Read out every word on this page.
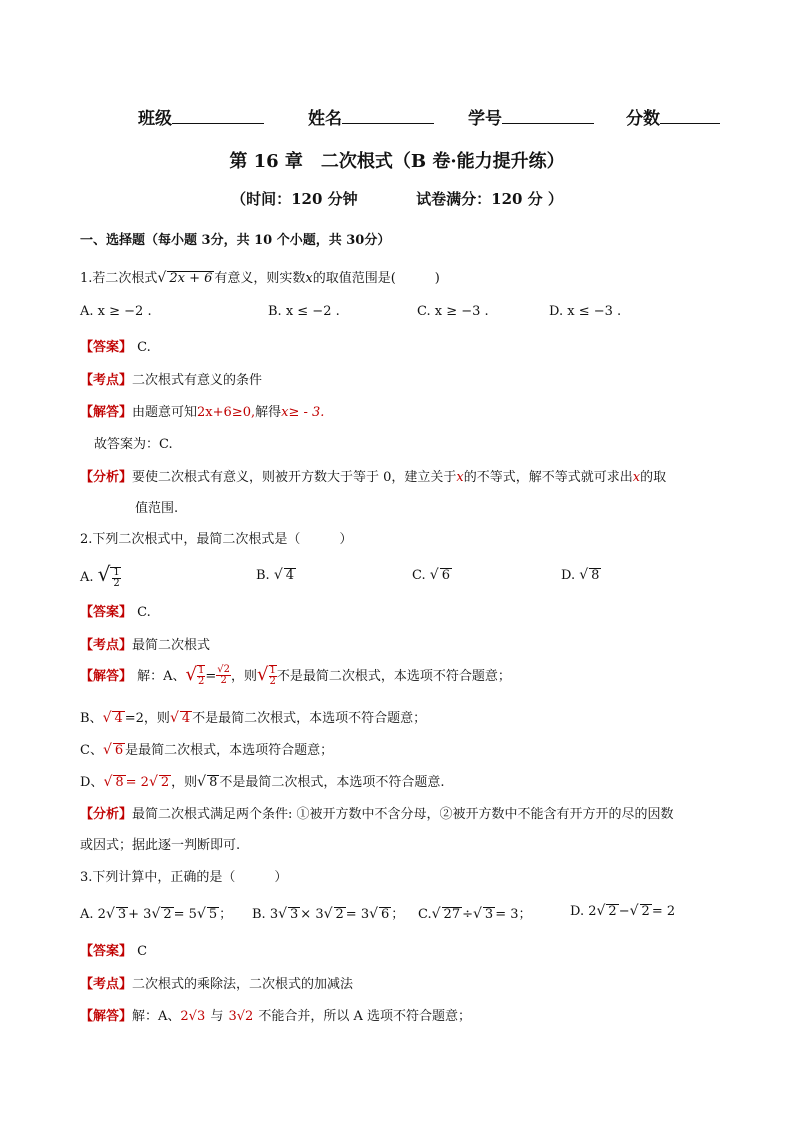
班级	姓名	学号	分数
第 16 章　二次根式（B 卷·能力提升练）
（时间：120 分钟	试卷满分：120 分 ）
一、选择题（每小题 3分，共 10 个小题，共 30分）
1.若二次根式√ 2x + 6 有意义，则实数x的取值范围是(　　　)
A. x ≥ −2 .	B. x ≤ −2 .	C. x ≥ −3 .	D. x ≤ −3 .
【答案】 C.
【考点】二次根式有意义的条件
【解答】由题意可知2x+6≥0,解得x≥ - 3.
故答案为：C.
【分析】要使二次根式有意义，则被开方数大于等于 0，建立关于x的不等式，解不等式就可求出x的取
值范围.
2.下列二次根式中，最简二次根式是（　　　）
A. √ $\frac{1}{2}$	B. √ 4	C. √ 6	D. √ 8
【答案】 C.
【考点】最简二次根式
【解答】 解：A、√ $\frac{1}{2} = \frac{√2}{2}$ ，则√ $\frac{1}{2}$ 不是最简二次根式，本选项不符合题意；
B、√ 4 =2，则√ 4 不是最简二次根式，本选项不符合题意；
C、√ 6 是最简二次根式，本选项符合题意；
D、√ 8 = 2√ 2 ，则√ 8 不是最简二次根式，本选项不符合题意.
【分析】最简二次根式满足两个条件: ①被开方数中不含分母，②被开方数中不能含有开方开的尽的因数
或因式；据此逐一判断即可.
3.下列计算中，正确的是（　　　）
A. 2√ 3 + 3√ 2 = 5√ 5 ； B. 3√ 3 × 3√ 2 = 3√ 6 ； C.√ 27 ÷√ 3 = 3；	D. 2√ 2 −√ 2 = 2
【答案】 C
【考点】二次根式的乘除法，二次根式的加减法
【解答】解：A、2√3 与 3√2 不能合并，所以 A 选项不符合题意；
